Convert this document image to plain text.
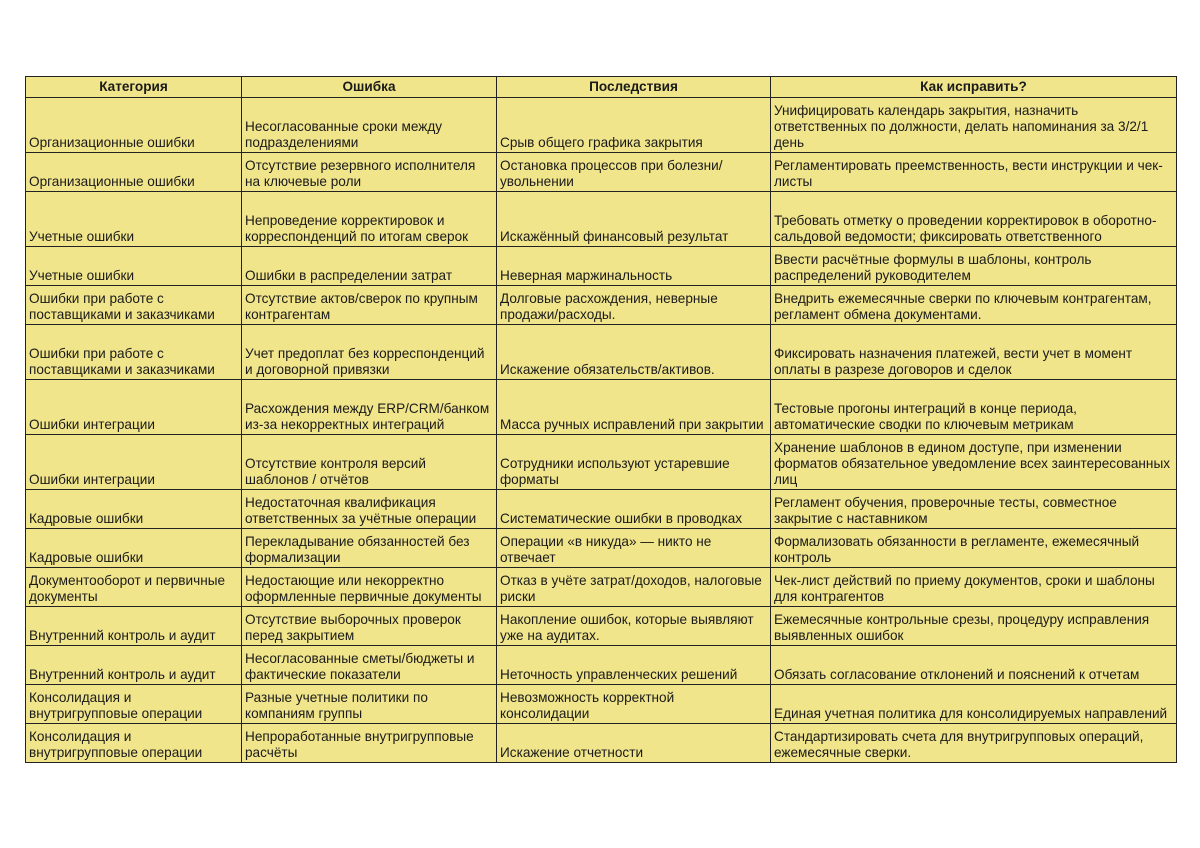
Категория	Ошибка	Последствия	Как исправить?
Организационные ошибки	Несогласованные сроки между подразделениями	Срыв общего графика закрытия	Унифицировать календарь закрытия, назначить ответственных по должности, делать напоминания за 3/2/1 день
Организационные ошибки	Отсутствие резервного исполнителя на ключевые роли	Остановка процессов при болезни/увольнении	Регламентировать преемственность, вести инструкции и чек-листы
Учетные ошибки	Непроведение корректировок и корреспонденций по итогам сверок	Искажённый финансовый результат	Требовать отметку о проведении корректировок в оборотно-сальдовой ведомости; фиксировать ответственного
Учетные ошибки	Ошибки в распределении затрат	Неверная маржинальность	Ввести расчётные формулы в шаблоны, контроль распределений руководителем
Ошибки при работе с поставщиками и заказчиками	Отсутствие актов/сверок по крупным контрагентам	Долговые расхождения, неверные продажи/расходы.	Внедрить ежемесячные сверки по ключевым контрагентам, регламент обмена документами.
Ошибки при работе с поставщиками и заказчиками	Учет предоплат без корреспонденций и договорной привязки	Искажение обязательств/активов.	Фиксировать назначения платежей, вести учет в момент оплаты в разрезе договоров и сделок
Ошибки интеграции	Расхождения между ERP/CRM/банком из-за некорректных интеграций	Масса ручных исправлений при закрытии	Тестовые прогоны интеграций в конце периода, автоматические сводки по ключевым метрикам
Ошибки интеграции	Отсутствие контроля версий шаблонов / отчётов	Сотрудники используют устаревшие форматы	Хранение шаблонов в едином доступе, при изменении форматов обязательное уведомление всех заинтересованных лиц
Кадровые ошибки	Недостаточная квалификация ответственных за учётные операции	Систематические ошибки в проводках	Регламент обучения, проверочные тесты, совместное закрытие с наставником
Кадровые ошибки	Перекладывание обязанностей без формализации	Операции «в никуда» — никто не отвечает	Формализовать обязанности в регламенте, ежемесячный контроль
Документооборот и первичные документы	Недостающие или некорректно оформленные первичные документы	Отказ в учёте затрат/доходов, налоговые риски	Чек-лист действий по приему документов, сроки и шаблоны для контрагентов
Внутренний контроль и аудит	Отсутствие выборочных проверок перед закрытием	Накопление ошибок, которые выявляют уже на аудитах.	Ежемесячные контрольные срезы, процедуру исправления выявленных ошибок
Внутренний контроль и аудит	Несогласованные сметы/бюджеты и фактические показатели	Неточность управленческих решений	Обязать согласование отклонений и пояснений к отчетам
Консолидация и внутригрупповые операции	Разные учетные политики по компаниям группы	Невозможность корректной консолидации	Единая учетная политика для консолидируемых направлений
Консолидация и внутригрупповые операции	Непроработанные внутригрупповые расчёты	Искажение отчетности	Стандартизировать счета для внутригрупповых операций, ежемесячные сверки.
